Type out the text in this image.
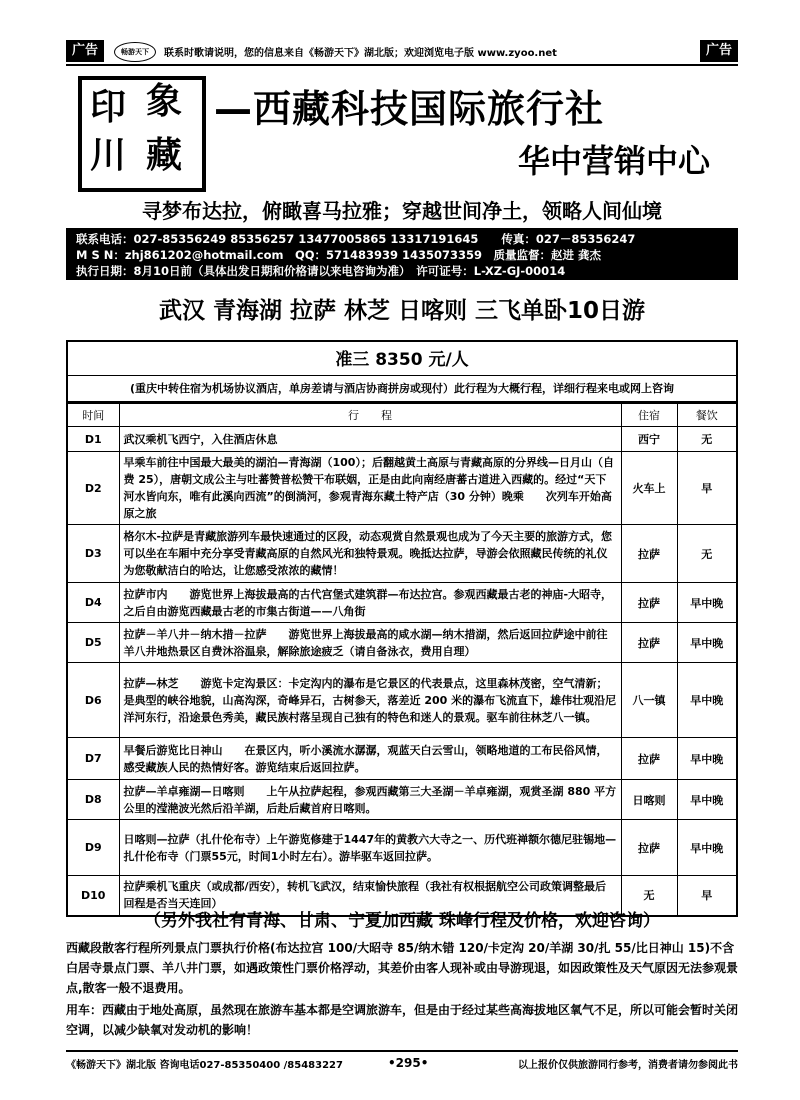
广告	畅游天下	联系时歌请说明，您的信息来自《畅游天下》湖北版；欢迎浏览电子版 www.zyoo.net	广告
印 象
川 藏
—西藏科技国际旅行社
华中营销中心
寻梦布达拉，俯瞰喜马拉雅；穿越世间净土，领略人间仙境
联系电话：027-85356249 85356257 13477005865 13317191645　　传真：027－85356247
M S N：zhj861202@hotmail.com　QQ：571483939 1435073359　质量监督：赵进 龚杰
执行日期：8月10日前（具体出发日期和价格请以来电咨询为准）　许可证号：L-XZ-GJ-00014
武汉 青海湖 拉萨 林芝 日喀则 三飞单卧10日游
准三 8350 元/人
(重庆中转住宿为机场协议酒店，单房差请与酒店协商拼房或现付）此行程为大概行程，详细行程来电或网上咨询
时间	行　　程	住宿	餐饮
D1	武汉乘机飞西宁，入住酒店休息	西宁	无
D2	早乘车前往中国最大最美的湖泊—青海湖（100）；后翻越黄土高原与青藏高原的分界线—日月山（自费 25），唐朝文成公主与吐蕃赞普松赞干布联姻，正是由此向南经唐蕃古道进入西藏的。经过“天下河水皆向东，唯有此溪向西流”的倒淌河，参观青海东藏土特产店（30 分钟）晚乘　　次列车开始高原之旅	火车上	早
D3	格尔木-拉萨是青藏旅游列车最快速通过的区段，动态观赏自然景观也成为了今天主要的旅游方式，您可以坐在车厢中充分享受青藏高原的自然风光和独特景观。晚抵达拉萨，导游会依照藏民传统的礼仪为您敬献洁白的哈达，让您感受浓浓的藏情！	拉萨	无
D4	拉萨市内　　游览世界上海拔最高的古代宫堡式建筑群—布达拉宫。参观西藏最古老的神庙-大昭寺，之后自由游览西藏最古老的市集古街道——八角街	拉萨	早中晚
D5	拉萨－羊八井－纳木措－拉萨　　游览世界上海拔最高的咸水湖—纳木措湖，然后返回拉萨途中前往羊八井地热景区自费沐浴温泉，解除旅途疲乏（请自备泳衣，费用自理）	拉萨	早中晚
D6	拉萨—林芝　　游览卡定沟景区：卡定沟内的瀑布是它景区的代表景点，这里森林茂密，空气清新；是典型的峡谷地貌，山高沟深，奇峰异石，古树参天，落差近 200 米的瀑布飞流直下，雄伟壮观沿尼洋河东行，沿途景色秀美，藏民族村落呈现自己独有的特色和迷人的景观。驱车前往林芝八一镇。	八一镇	早中晚
D7	早餐后游览比日神山　　在景区内，听小溪流水潺潺，观蓝天白云雪山，领略地道的工布民俗风情，感受藏族人民的热情好客。游览结束后返回拉萨。	拉萨	早中晚
D8	拉萨—羊卓雍湖—日喀则　　上午从拉萨起程，参观西藏第三大圣湖－羊卓雍湖，观赏圣湖 880 平方公里的滢滟波光然后沿羊湖，后赴后藏首府日喀则。	日喀则	早中晚
D9	日喀则—拉萨（扎什伦布寺）上午游览修建于1447年的黄教六大寺之一、历代班禅额尔德尼驻锡地—扎什伦布寺（门票55元，时间1小时左右）。游毕驱车返回拉萨。	拉萨	早中晚
D10	拉萨乘机飞重庆（或成都/西安），转机飞武汉，结束愉快旅程（我社有权根据航空公司政策调整最后回程是否当天连回）	无	早
（另外我社有青海、甘肃、宁夏加西藏 珠峰行程及价格，欢迎咨询）
西藏段散客行程所列景点门票执行价格(布达拉宫 100/大昭寺 85/纳木错 120/卡定沟 20/羊湖 30/扎 55/比日神山 15)不含白居寺景点门票、羊八井门票，如遇政策性门票价格浮动，其差价由客人现补或由导游现退，如因政策性及天气原因无法参观景点,散客一般不退费用。
用车：西藏由于地处高原，虽然现在旅游车基本都是空调旅游车，但是由于经过某些高海拔地区氧气不足，所以可能会暂时关闭空调，以减少缺氧对发动机的影响！
《畅游天下》湖北版 咨询电话027-85350400 /85483227	•295•	以上报价仅供旅游同行参考，消费者请勿参阅此书
